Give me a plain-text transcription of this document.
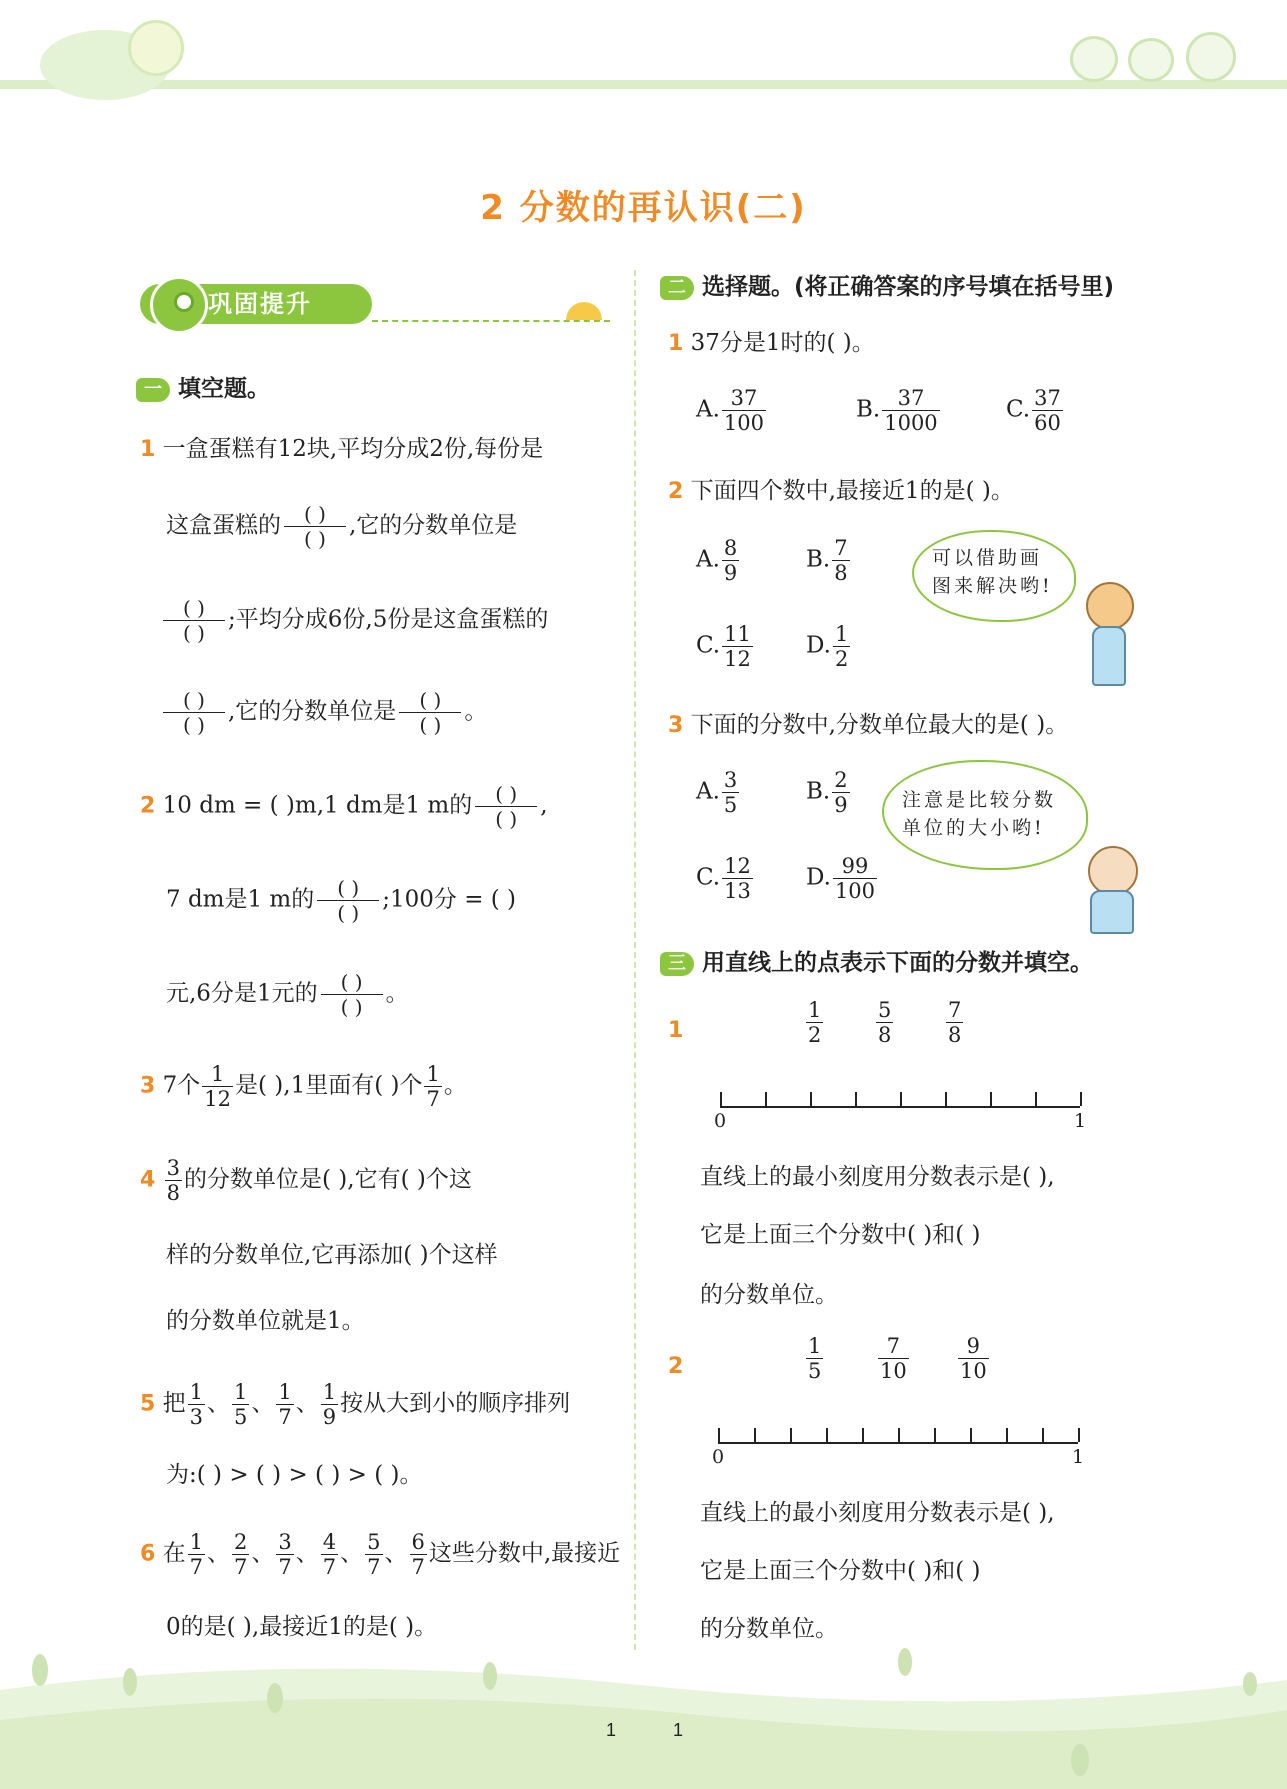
2 分数的再认识(二)
巩固提升
一 填空题。
1 一盒蛋糕有12块,平均分成2份,每份是
这盒蛋糕的	( )
( )
,它的分数单位是
( )
( )
;平均分成6份,5份是这盒蛋糕的
( )
( )
,它的分数单位是	( )
( )
。
2 10 dm = ( )m,1 dm是1 m的	( )
( )
,
7 dm是1 m的	( )
( )
;100分 = ( )
元,6分是1元的	( )
( )
。
3 7个 $\frac{1}{12}$ 是( ),1里面有( )个 $\frac{1}{7}$ 。
$4 \frac{3}{8}$ 的分数单位是( ),它有( )个这
样的分数单位,它再添加( )个这样
的分数单位就是1。
5 把 $\frac{1}{3}$ 、 $\frac{1}{5}$ 、 $\frac{1}{7}$ 、 $\frac{1}{9}$ 按从大到小的顺序排列
为:( ) > ( ) > ( ) > ( )。
6 在 $\frac{1}{7}$ 、 $\frac{2}{7}$ 、 $\frac{3}{7}$ 、 $\frac{4}{7}$ 、 $\frac{5}{7}$ 、 $\frac{6}{7}$ 这些分数中,最接近
0的是( ),最接近1的是( )。
二 选择题。(将正确答案的序号填在括号里)
1 37分是1时的( )。
A. $\frac{37}{100}$	B. $\frac{37}{1000}$	C. $\frac{37}{60}$
2 下面四个数中,最接近1的是( )。
A. $\frac{8}{9}$	B. $\frac{7}{8}$
C. $\frac{11}{12} D$. $\frac{1}{2}$
可以借助画
图来解决哟!
3 下面的分数中,分数单位最大的是( )。
A. $\frac{3}{5}$	B. $\frac{2}{9}$
C. $\frac{12}{13} D$. $\frac{99}{100}$
注意是比较分数
单位的大小哟!
三 用直线上的点表示下面的分数并填空。
1	$\frac{1}{2}$	$\frac{5}{8}$	$\frac{7}{8}$
0	1
直线上的最小刻度用分数表示是( ),
它是上面三个分数中( )和( )
的分数单位。
2	$\frac{1}{5}$	$\frac{7}{10} \frac{9}{10}$
0	1
直线上的最小刻度用分数表示是( ),
它是上面三个分数中( )和( )
的分数单位。
1	1
